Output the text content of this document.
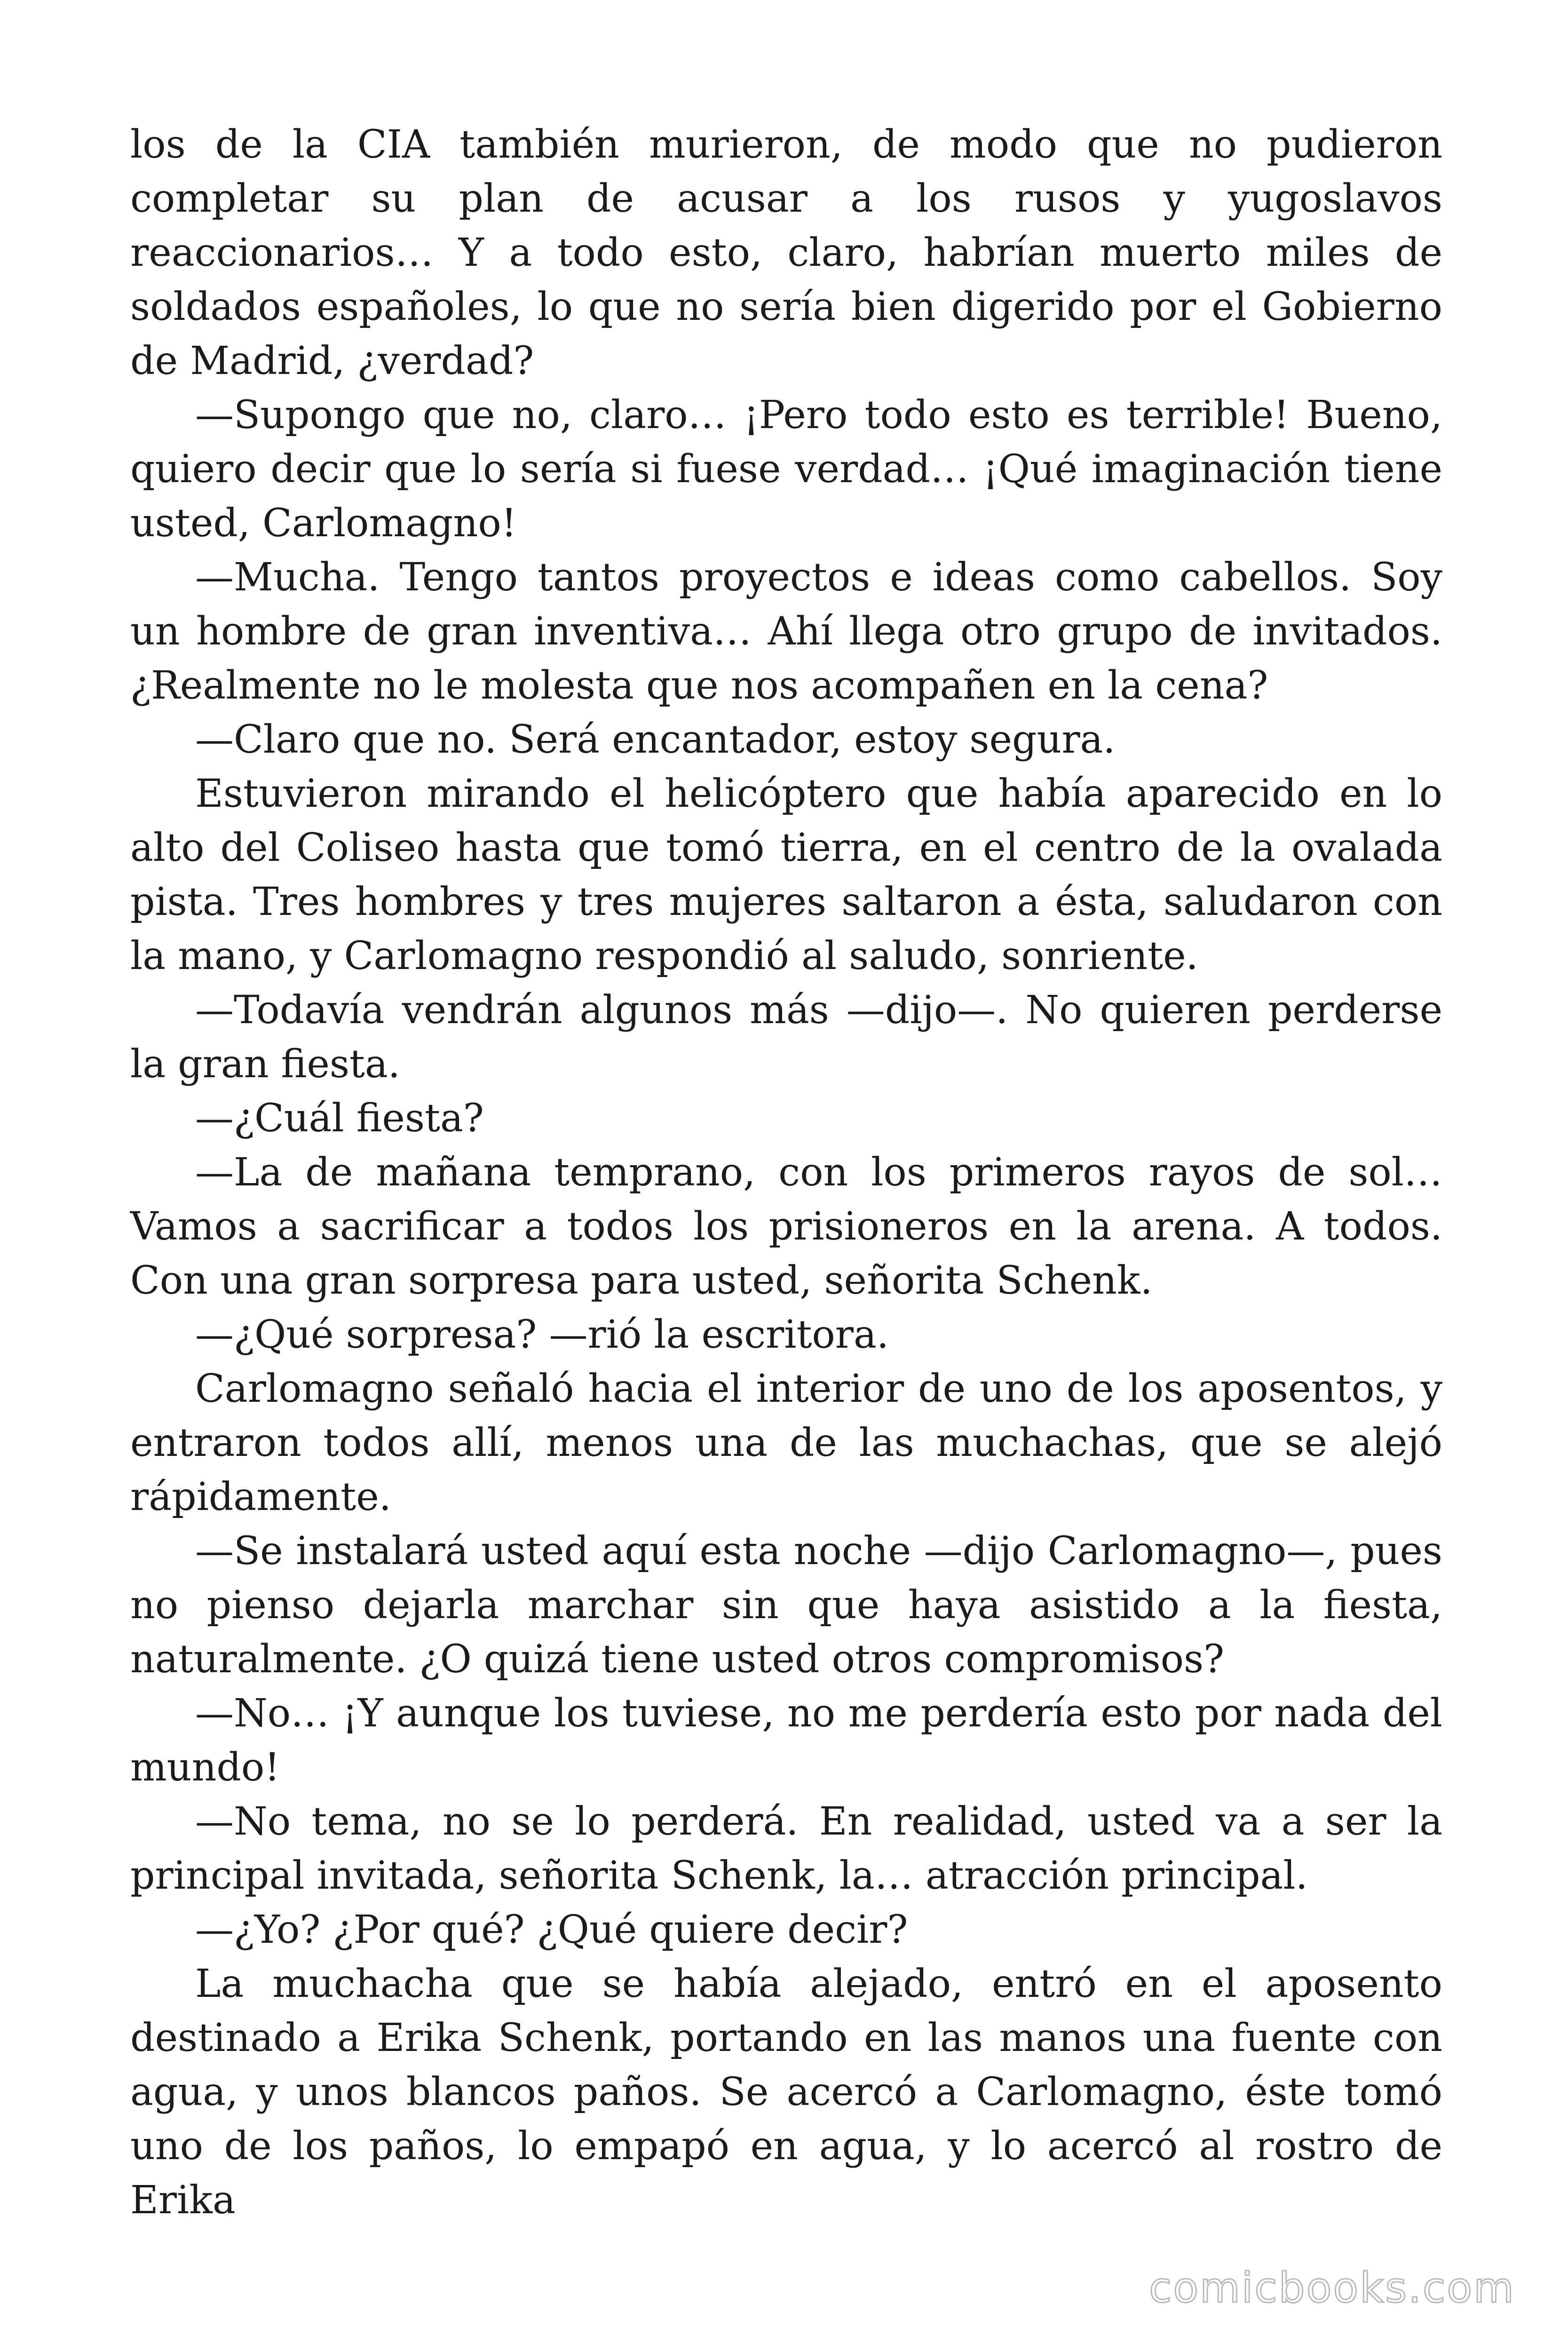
los de la CIA también murieron, de modo que no pudieron completar su plan de acusar a los rusos y yugoslavos reaccionarios… Y a todo esto, claro, habrían muerto miles de soldados españoles, lo que no sería bien digerido por el Gobierno de Madrid, ¿verdad?

—Supongo que no, claro… ¡Pero todo esto es terrible! Bueno, quiero decir que lo sería si fuese verdad… ¡Qué imaginación tiene usted, Carlomagno!

—Mucha. Tengo tantos proyectos e ideas como cabellos. Soy un hombre de gran inventiva… Ahí llega otro grupo de invitados. ¿Realmente no le molesta que nos acompañen en la cena?

—Claro que no. Será encantador, estoy segura.

Estuvieron mirando el helicóptero que había aparecido en lo alto del Coliseo hasta que tomó tierra, en el centro de la ovalada pista. Tres hombres y tres mujeres saltaron a ésta, saludaron con la mano, y Carlomagno respondió al saludo, sonriente.

—Todavía vendrán algunos más —dijo—. No quieren perderse la gran fiesta.

—¿Cuál fiesta?

—La de mañana temprano, con los primeros rayos de sol… Vamos a sacrificar a todos los prisioneros en la arena. A todos. Con una gran sorpresa para usted, señorita Schenk.

—¿Qué sorpresa? —rió la escritora.

Carlomagno señaló hacia el interior de uno de los aposentos, y entraron todos allí, menos una de las muchachas, que se alejó rápidamente.

—Se instalará usted aquí esta noche —dijo Carlomagno—, pues no pienso dejarla marchar sin que haya asistido a la fiesta, naturalmente. ¿O quizá tiene usted otros compromisos?

—No… ¡Y aunque los tuviese, no me perdería esto por nada del mundo!

—No tema, no se lo perderá. En realidad, usted va a ser la principal invitada, señorita Schenk, la… atracción principal.

—¿Yo? ¿Por qué? ¿Qué quiere decir?

La muchacha que se había alejado, entró en el aposento destinado a Erika Schenk, portando en las manos una fuente con agua, y unos blancos paños. Se acercó a Carlomagno, éste tomó uno de los paños, lo empapó en agua, y lo acercó al rostro de Erika

comicbooks.com
